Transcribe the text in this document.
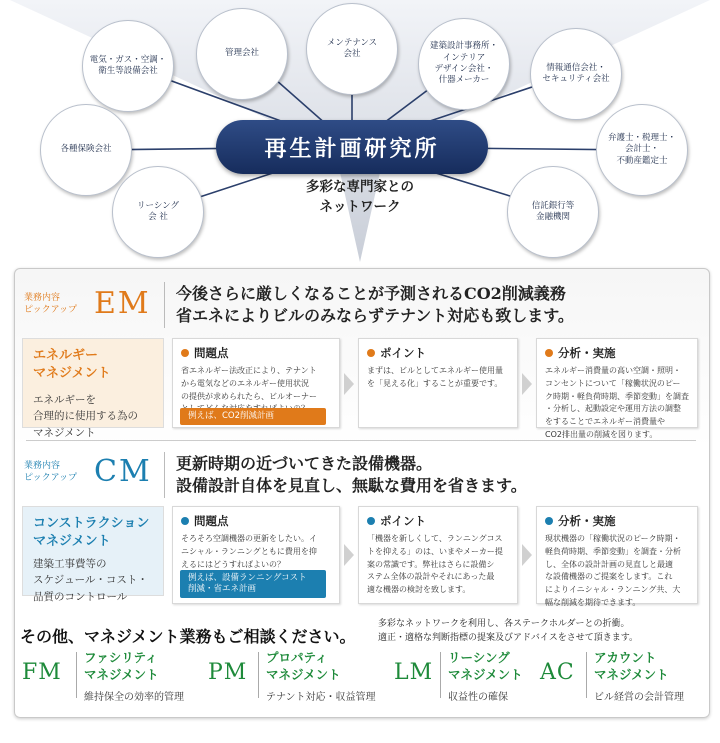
電気・ガス・空調・
衛生等設備会社
管理会社
メンテナンス
会社
建築設計事務所・
インテリア
デザイン会社・
什器メーカー
情報通信会社・
セキュリティ会社
各種保険会社
弁護士・税理士・
会計士・
不動産鑑定士
リーシング
会 社
信託銀行等
金融機関
再生計画研究所
多彩な専門家との
ネットワーク
業務内容
ピックアップ EM 今後さらに厳しくなることが予測されるCO2削減義務
省エネによりビルのみならずテナント対応も致します。
エネルギー
マネジメント
エネルギーを
合理的に使用する為の
マネジメント
問題点
省エネルギー法改正により、テナント
から電気などのエネルギー使用状況
の提供が求められたら、ビルオーナー

例えば、CO2削減計画
ポイント
まずは、ビルとしてエネルギー使用量
を「見える化」することが重要です。
分析・実施
エネルギー消費量の高い空調・照明・
コンセントについて「稼働状況のピー
ク時期・軽負荷時期、季節変動」を調査
・分析し、起動設定や運用方法の調整
をすることでエネルギー消費量や
CO2排出量の削減を図ります。
業務内容
ピックアップ CM 更新時期の近づいてきた設備機器。
設備設計自体を見直し、無駄な費用を省きます。
コンストラクション
マネジメント
建築工事費等の
スケジュール・コスト・
品質のコントロール
問題点
そろそろ空調機器の更新をしたい。イ
ニシャル・ランニングともに費用を抑
えるにはどうすればよいの？
例えば、設備ランニングコスト
削減・省エネ計画
ポイント
「機器を新しくして、ランニングコス
トを抑える」のは、いまやメーカー提
案の常識です。弊社はさらに設備シ
ステム全体の設計やそれにあった最
適な機器の検討を致します。
分析・実施
現状機器の「稼働状況のピーク時期・
軽負荷時期、季節変動」を調査・分析
し、全体の設計計画の見直しと最適
な設備機器のご提案をします。これ
によりイニシャル・ランニング共、大
幅な削減を期待できます。
その他、マネジメント業務もご相談ください。
多彩なネットワークを利用し、各ステークホルダーとの折衝。
適正・適格な判断指標の提案及びアドバイスをさせて頂きます。
FM
ファシリティ
マネジメント
維持保全の効率的管理
PM
プロパティ
マネジメント
テナント対応・収益管理
LM
リーシング
マネジメント
収益性の確保
AC
アカウント
マネジメント
ビル経営の会計管理
